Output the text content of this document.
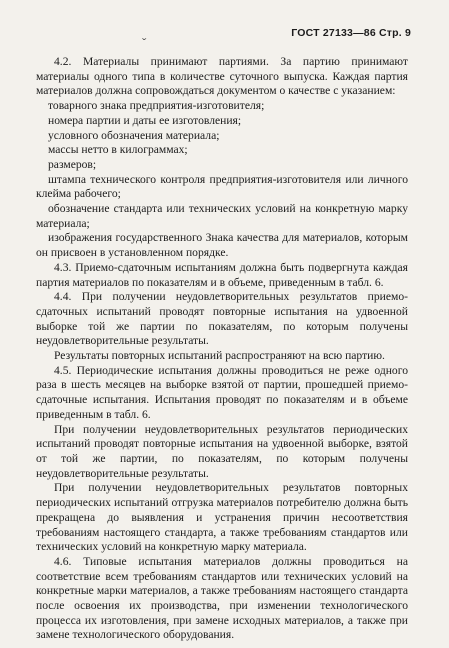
ˬ	ГОСТ 27133—86 Стр. 9

4.2. Материалы принимают партиями. За партию принимают материалы одного типа в количестве суточного выпуска. Каждая партия материалов должна сопровождаться документом о качестве с указанием:

товарного знака предприятия-изготовителя;

номера партии и даты ее изготовления;

условного обозначения материала;

массы нетто в килограммах;

размеров;

штампа технического контроля предприятия-изготовителя или личного клейма рабочего;

обозначение стандарта или технических условий на конкретную марку материала;

изображения государственного Знака качества для материалов, которым он присвоен в установленном порядке.

4.3. Приемо-сдаточным испытаниям должна быть подвергнута каждая партия материалов по показателям и в объеме, приведенным в табл. 6.

4.4. При получении неудовлетворительных результатов приемо-сдаточных испытаний проводят повторные испытания на удвоенной выборке той же партии по показателям, по которым получены неудовлетворительные результаты.

Результаты повторных испытаний распространяют на всю партию.

4.5. Периодические испытания должны проводиться не реже одного раза в шесть месяцев на выборке взятой от партии, прошедшей приемо-сдаточные испытания. Испытания проводят по показателям и в объеме приведенным в табл. 6.

При получении неудовлетворительных результатов периодических испытаний проводят повторные испытания на удвоенной выборке, взятой от той же партии, по показателям, по которым получены неудовлетворительные результаты.

При получении неудовлетворительных результатов повторных периодических испытаний отгрузка материалов потребителю должна быть прекращена до выявления и устранения причин несоответствия требованиям настоящего стандарта, а также требованиям стандартов или технических условий на конкретную марку материала.

4.6. Типовые испытания материалов должны проводиться на соответствие всем требованиям стандартов или технических условий на конкретные марки материалов, а также требованиям настоящего стандарта после освоения их производства, при изменении технологического процесса их изготовления, при замене исходных материалов, а также при замене технологического оборудования.
